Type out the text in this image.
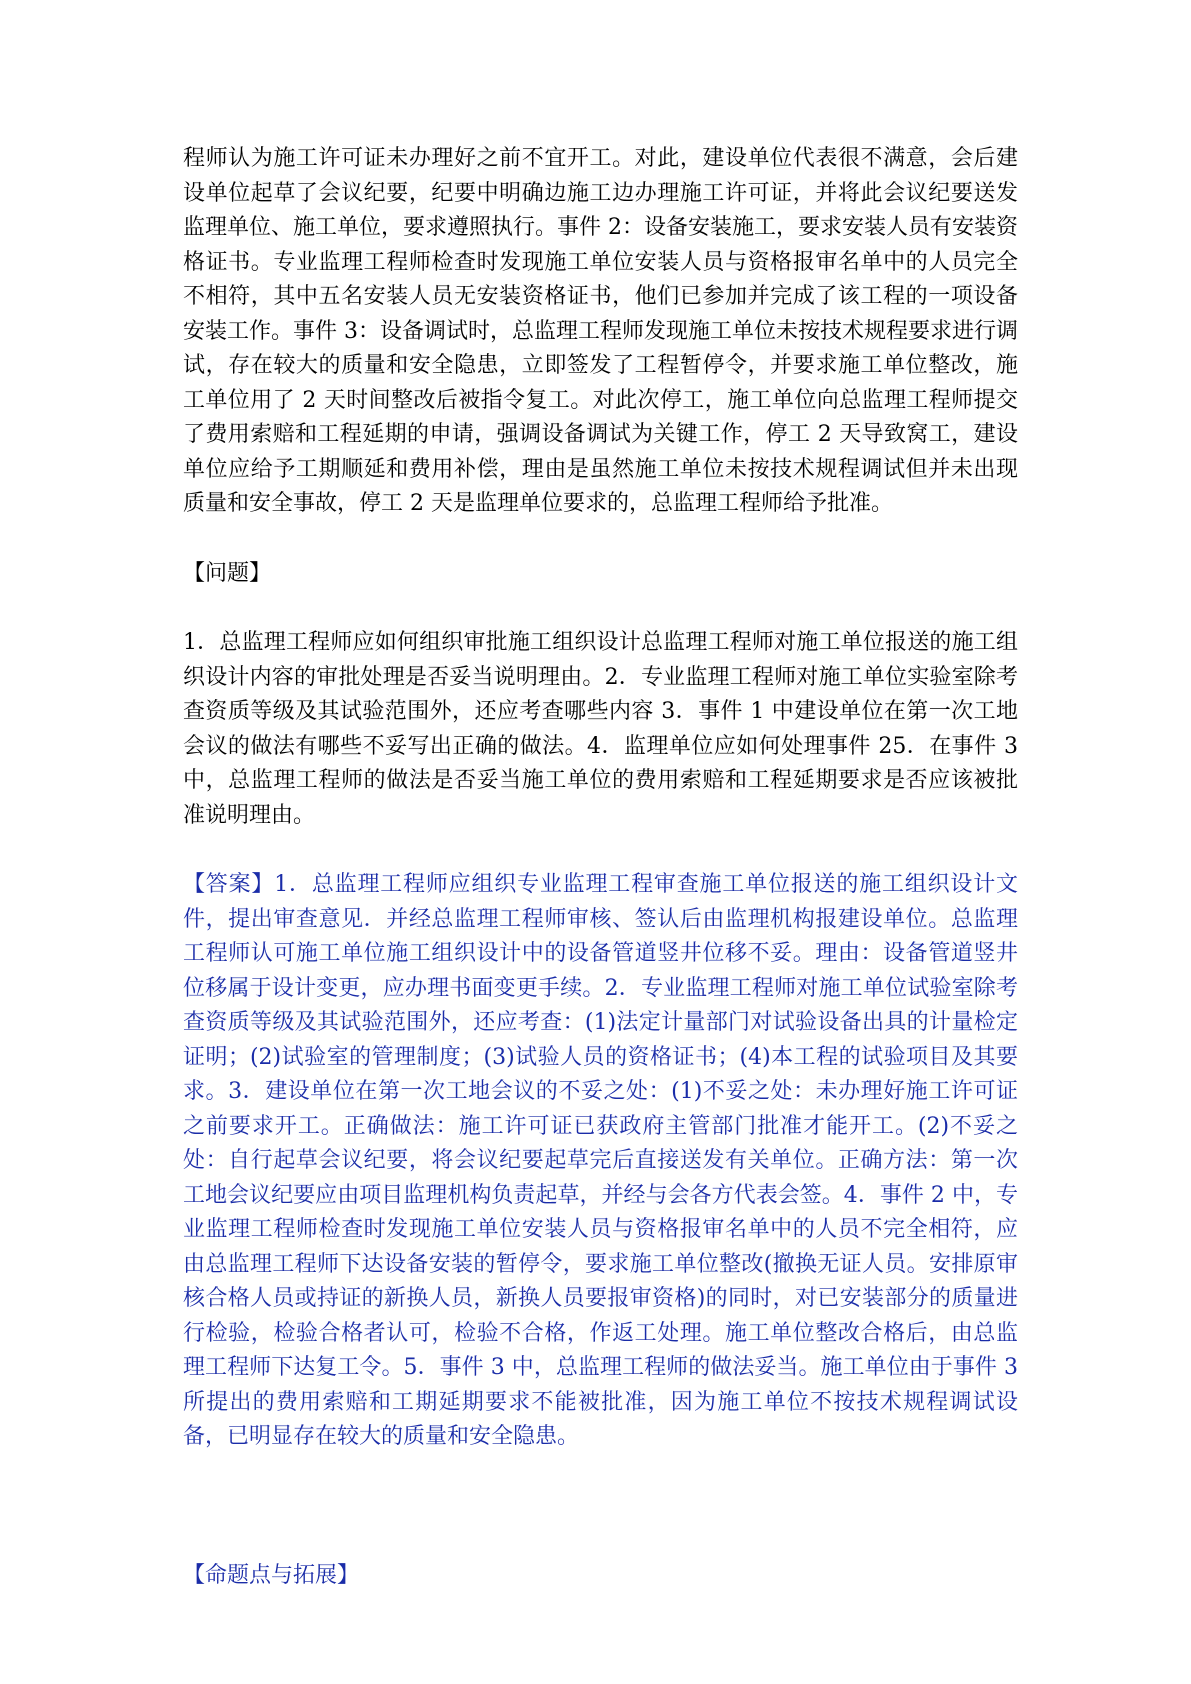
程师认为施工许可证未办理好之前不宜开工。对此，建设单位代表很不满意，会后建设单位起草了会议纪要，纪要中明确边施工边办理施工许可证，并将此会议纪要送发监理单位、施工单位，要求遵照执行。事件 2：设备安装施工，要求安装人员有安装资格证书。专业监理工程师检查时发现施工单位安装人员与资格报审名单中的人员完全不相符，其中五名安装人员无安装资格证书，他们已参加并完成了该工程的一项设备安装工作。事件 3：设备调试时，总监理工程师发现施工单位未按技术规程要求进行调试，存在较大的质量和安全隐患，立即签发了工程暂停令，并要求施工单位整改，施工单位用了 2 天时间整改后被指令复工。对此次停工，施工单位向总监理工程师提交了费用索赔和工程延期的申请，强调设备调试为关键工作，停工 2 天导致窝工，建设单位应给予工期顺延和费用补偿，理由是虽然施工单位未按技术规程调试但并未出现质量和安全事故，停工 2 天是监理单位要求的，总监理工程师给予批准。

【问题】

1．总监理工程师应如何组织审批施工组织设计总监理工程师对施工单位报送的施工组织设计内容的审批处理是否妥当说明理由。2．专业监理工程师对施工单位实验室除考查资质等级及其试验范围外，还应考查哪些内容 3．事件 1 中建设单位在第一次工地会议的做法有哪些不妥写出正确的做法。4．监理单位应如何处理事件 25．在事件 3 中，总监理工程师的做法是否妥当施工单位的费用索赔和工程延期要求是否应该被批准说明理由。

【答案】1．总监理工程师应组织专业监理工程审查施工单位报送的施工组织设计文件，提出审查意见．并经总监理工程师审核、签认后由监理机构报建设单位。总监理工程师认可施工单位施工组织设计中的设备管道竖井位移不妥。理由：设备管道竖井位移属于设计变更，应办理书面变更手续。2．专业监理工程师对施工单位试验室除考查资质等级及其试验范围外，还应考查：(1)法定计量部门对试验设备出具的计量检定证明；(2)试验室的管理制度；(3)试验人员的资格证书；(4)本工程的试验项目及其要求。3．建设单位在第一次工地会议的不妥之处：(1)不妥之处：未办理好施工许可证之前要求开工。正确做法：施工许可证已获政府主管部门批准才能开工。(2)不妥之处：自行起草会议纪要，将会议纪要起草完后直接送发有关单位。正确方法：第一次工地会议纪要应由项目监理机构负责起草，并经与会各方代表会签。4．事件 2 中，专业监理工程师检查时发现施工单位安装人员与资格报审名单中的人员不完全相符，应由总监理工程师下达设备安装的暂停令，要求施工单位整改(撤换无证人员。安排原审核合格人员或持证的新换人员，新换人员要报审资格)的同时，对已安装部分的质量进行检验，检验合格者认可，检验不合格，作返工处理。施工单位整改合格后，由总监理工程师下达复工令。5．事件 3 中，总监理工程师的做法妥当。施工单位由于事件 3 所提出的费用索赔和工期延期要求不能被批准，因为施工单位不按技术规程调试设备，已明显存在较大的质量和安全隐患。

【命题点与拓展】
